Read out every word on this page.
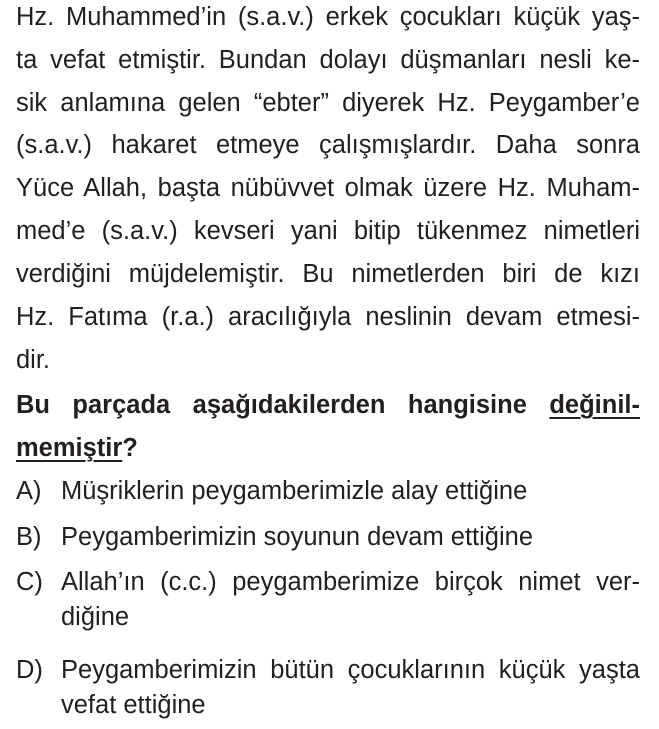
Hz. Muhammed’in (s.a.v.) erkek çocukları küçük yaş-
ta vefat etmiştir. Bundan dolayı düşmanları nesli ke-
sik anlamına gelen “ebter” diyerek Hz. Peygamber’e
(s.a.v.) hakaret etmeye çalışmışlardır. Daha sonra
Yüce Allah, başta nübüvvet olmak üzere Hz. Muham-
med’e (s.a.v.) kevseri yani bitip tükenmez nimetleri
verdiğini müjdelemiştir. Bu nimetlerden biri de kızı
Hz. Fatıma (r.a.) aracılığıyla neslinin devam etmesi-
dir.
Bu parçada aşağıdakilerden hangisine değinil-
memiştir?
A) Müşriklerin peygamberimizle alay ettiğine
B) Peygamberimizin soyunun devam ettiğine
C) Allah’ın (c.c.) peygamberimize birçok nimet ver-
diğine
D) Peygamberimizin bütün çocuklarının küçük yaşta
vefat ettiğine
